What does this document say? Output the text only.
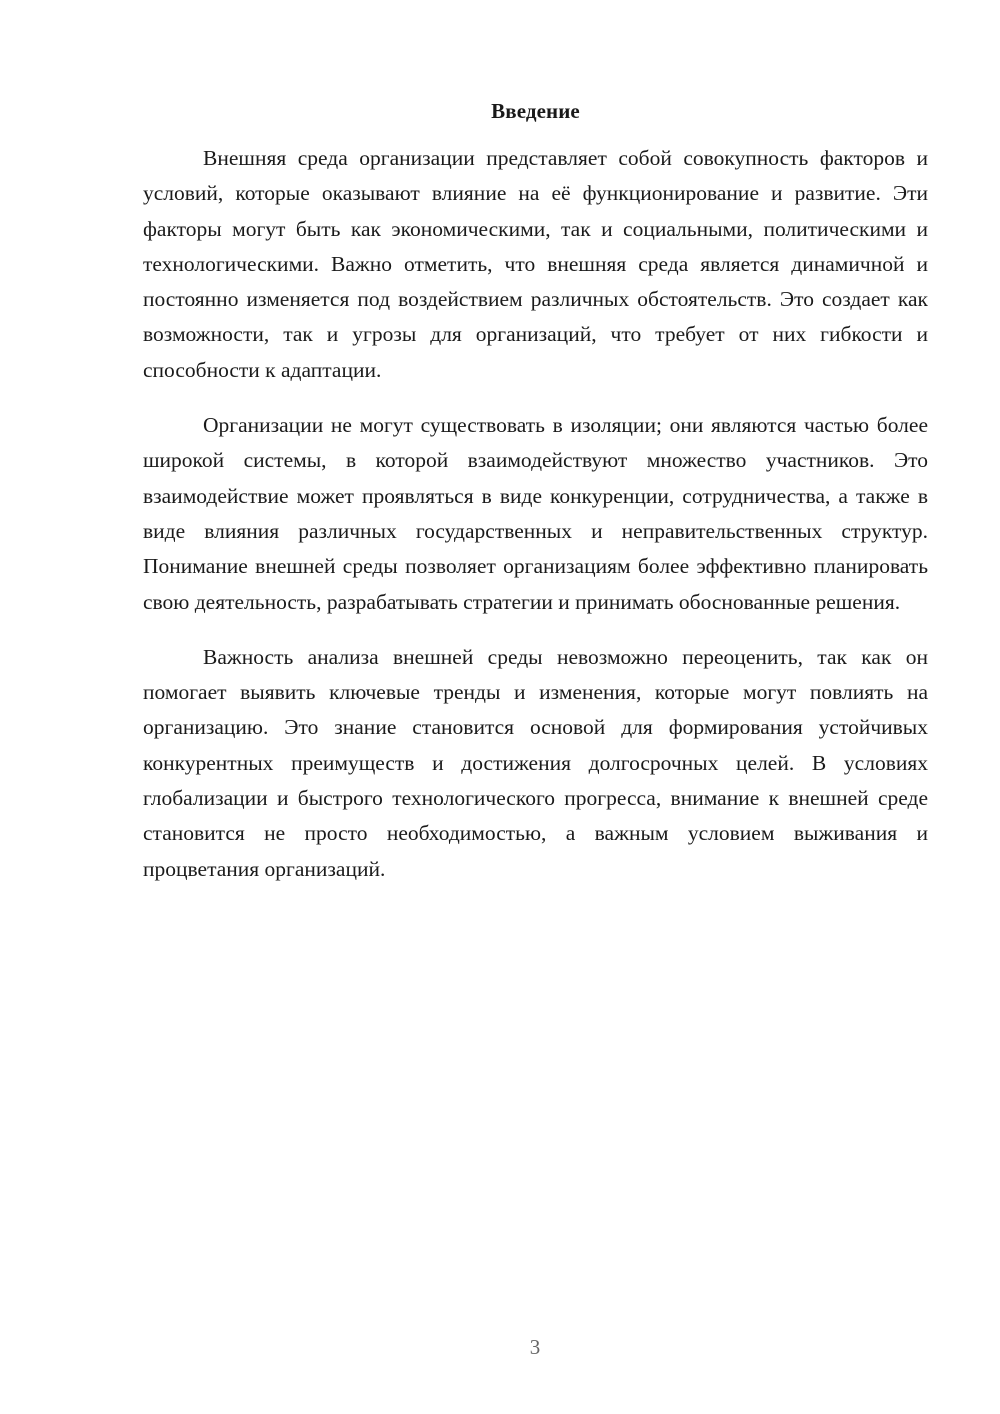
Введение

Внешняя среда организации представляет собой совокупность факторов и условий, которые оказывают влияние на её функционирование и развитие. Эти факторы могут быть как экономическими, так и социальными, политическими и технологическими. Важно отметить, что внешняя среда является динамичной и постоянно изменяется под воздействием различных обстоятельств. Это создает как возможности, так и угрозы для организаций, что требует от них гибкости и способности к адаптации.

Организации не могут существовать в изоляции; они являются частью более широкой системы, в которой взаимодействуют множество участников. Это взаимодействие может проявляться в виде конкуренции, сотрудничества, а также в виде влияния различных государственных и неправительственных структур. Понимание внешней среды позволяет организациям более эффективно планировать свою деятельность, разрабатывать стратегии и принимать обоснованные решения.

Важность анализа внешней среды невозможно переоценить, так как он помогает выявить ключевые тренды и изменения, которые могут повлиять на организацию. Это знание становится основой для формирования устойчивых конкурентных преимуществ и достижения долгосрочных целей. В условиях глобализации и быстрого технологического прогресса, внимание к внешней среде становится не просто необходимостью, а важным условием выживания и процветания организаций.

3
